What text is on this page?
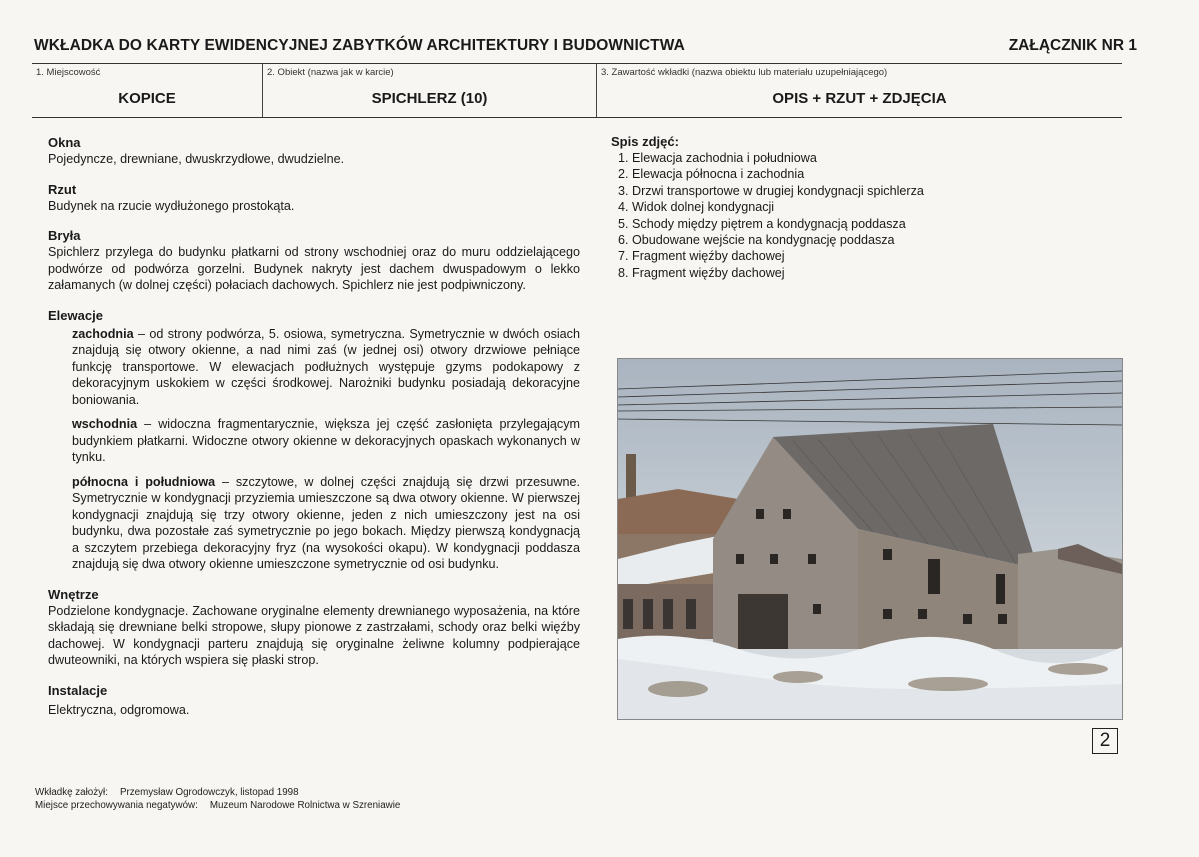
WKŁADKA DO KARTY EWIDENCYJNEJ ZABYTKÓW ARCHITEKTURY I BUDOWNICTWA	ZAŁĄCZNIK NR 1
1. Miejscowość
KOPICE
2. Obiekt (nazwa jak w karcie)
SPICHLERZ (10)
3. Zawartość wkładki (nazwa obiektu lub materiału uzupełniającego)
OPIS + RZUT + ZDJĘCIA
Okna

Pojedyncze, drewniane, dwuskrzydłowe, dwudzielne.

Rzut

Budynek na rzucie wydłużonego prostokąta.

Bryła

Spichlerz przylega do budynku płatkarni od strony wschodniej oraz do muru oddzielającego podwórze od podwórza gorzelni. Budynek nakryty jest dachem dwuspadowym o lekko załamanych (w dolnej części) połaciach dachowych. Spichlerz nie jest podpiwniczony.

Elewacje
zachodnia – od strony podwórza, 5. osiowa, symetryczna. Symetrycznie w dwóch osiach znajdują się otwory okienne, a nad nimi zaś (w jednej osi) otwory drzwiowe pełniące funkcję transportowe. W elewacjach podłużnych występuje gzyms podokapowy z dekoracyjnym uskokiem w części środkowej. Narożniki budynku posiadają dekoracyjne boniowania.
wschodnia – widoczna fragmentarycznie, większa jej część zasłonięta przylegającym budynkiem płatkarni. Widoczne otwory okienne w dekoracyjnych opaskach wykonanych w tynku.
północna i południowa – szczytowe, w dolnej części znajdują się drzwi przesuwne. Symetrycznie w kondygnacji przyziemia umieszczone są dwa otwory okienne. W pierwszej kondygnacji znajdują się trzy otwory okienne, jeden z nich umieszczony jest na osi budynku, dwa pozostałe zaś symetrycznie po jego bokach. Między pierwszą kondygnacją a szczytem przebiega dekoracyjny fryz (na wysokości okapu). W kondygnacji poddasza znajdują się dwa otwory okienne umieszczone symetrycznie od osi budynku.
Wnętrze

Podzielone kondygnacje. Zachowane oryginalne elementy drewnianego wyposażenia, na które składają się drewniane belki stropowe, słupy pionowe z zastrzałami, schody oraz belki więźby dachowej. W kondygnacji parteru znajdują się oryginalne żeliwne kolumny podpierające dwuteowniki, na których wspiera się płaski strop.

Instalacje

Elektryczna, odgromowa.

Spis zdjęć:
1. Elewacja zachodnia i południowa
2. Elewacja północna i zachodnia
3. Drzwi transportowe w drugiej kondygnacji spichlerza
4. Widok dolnej kondygnacji
5. Schody między piętrem a kondygnacją poddasza
6. Obudowane wejście na kondygnację poddasza
7. Fragment więźby dachowej
8. Fragment więźby dachowej
2
Wkładkę założył: Przemysław Ogrodowczyk, listopad 1998
Miejsce przechowywania negatywów: Muzeum Narodowe Rolnictwa w Szreniawie
